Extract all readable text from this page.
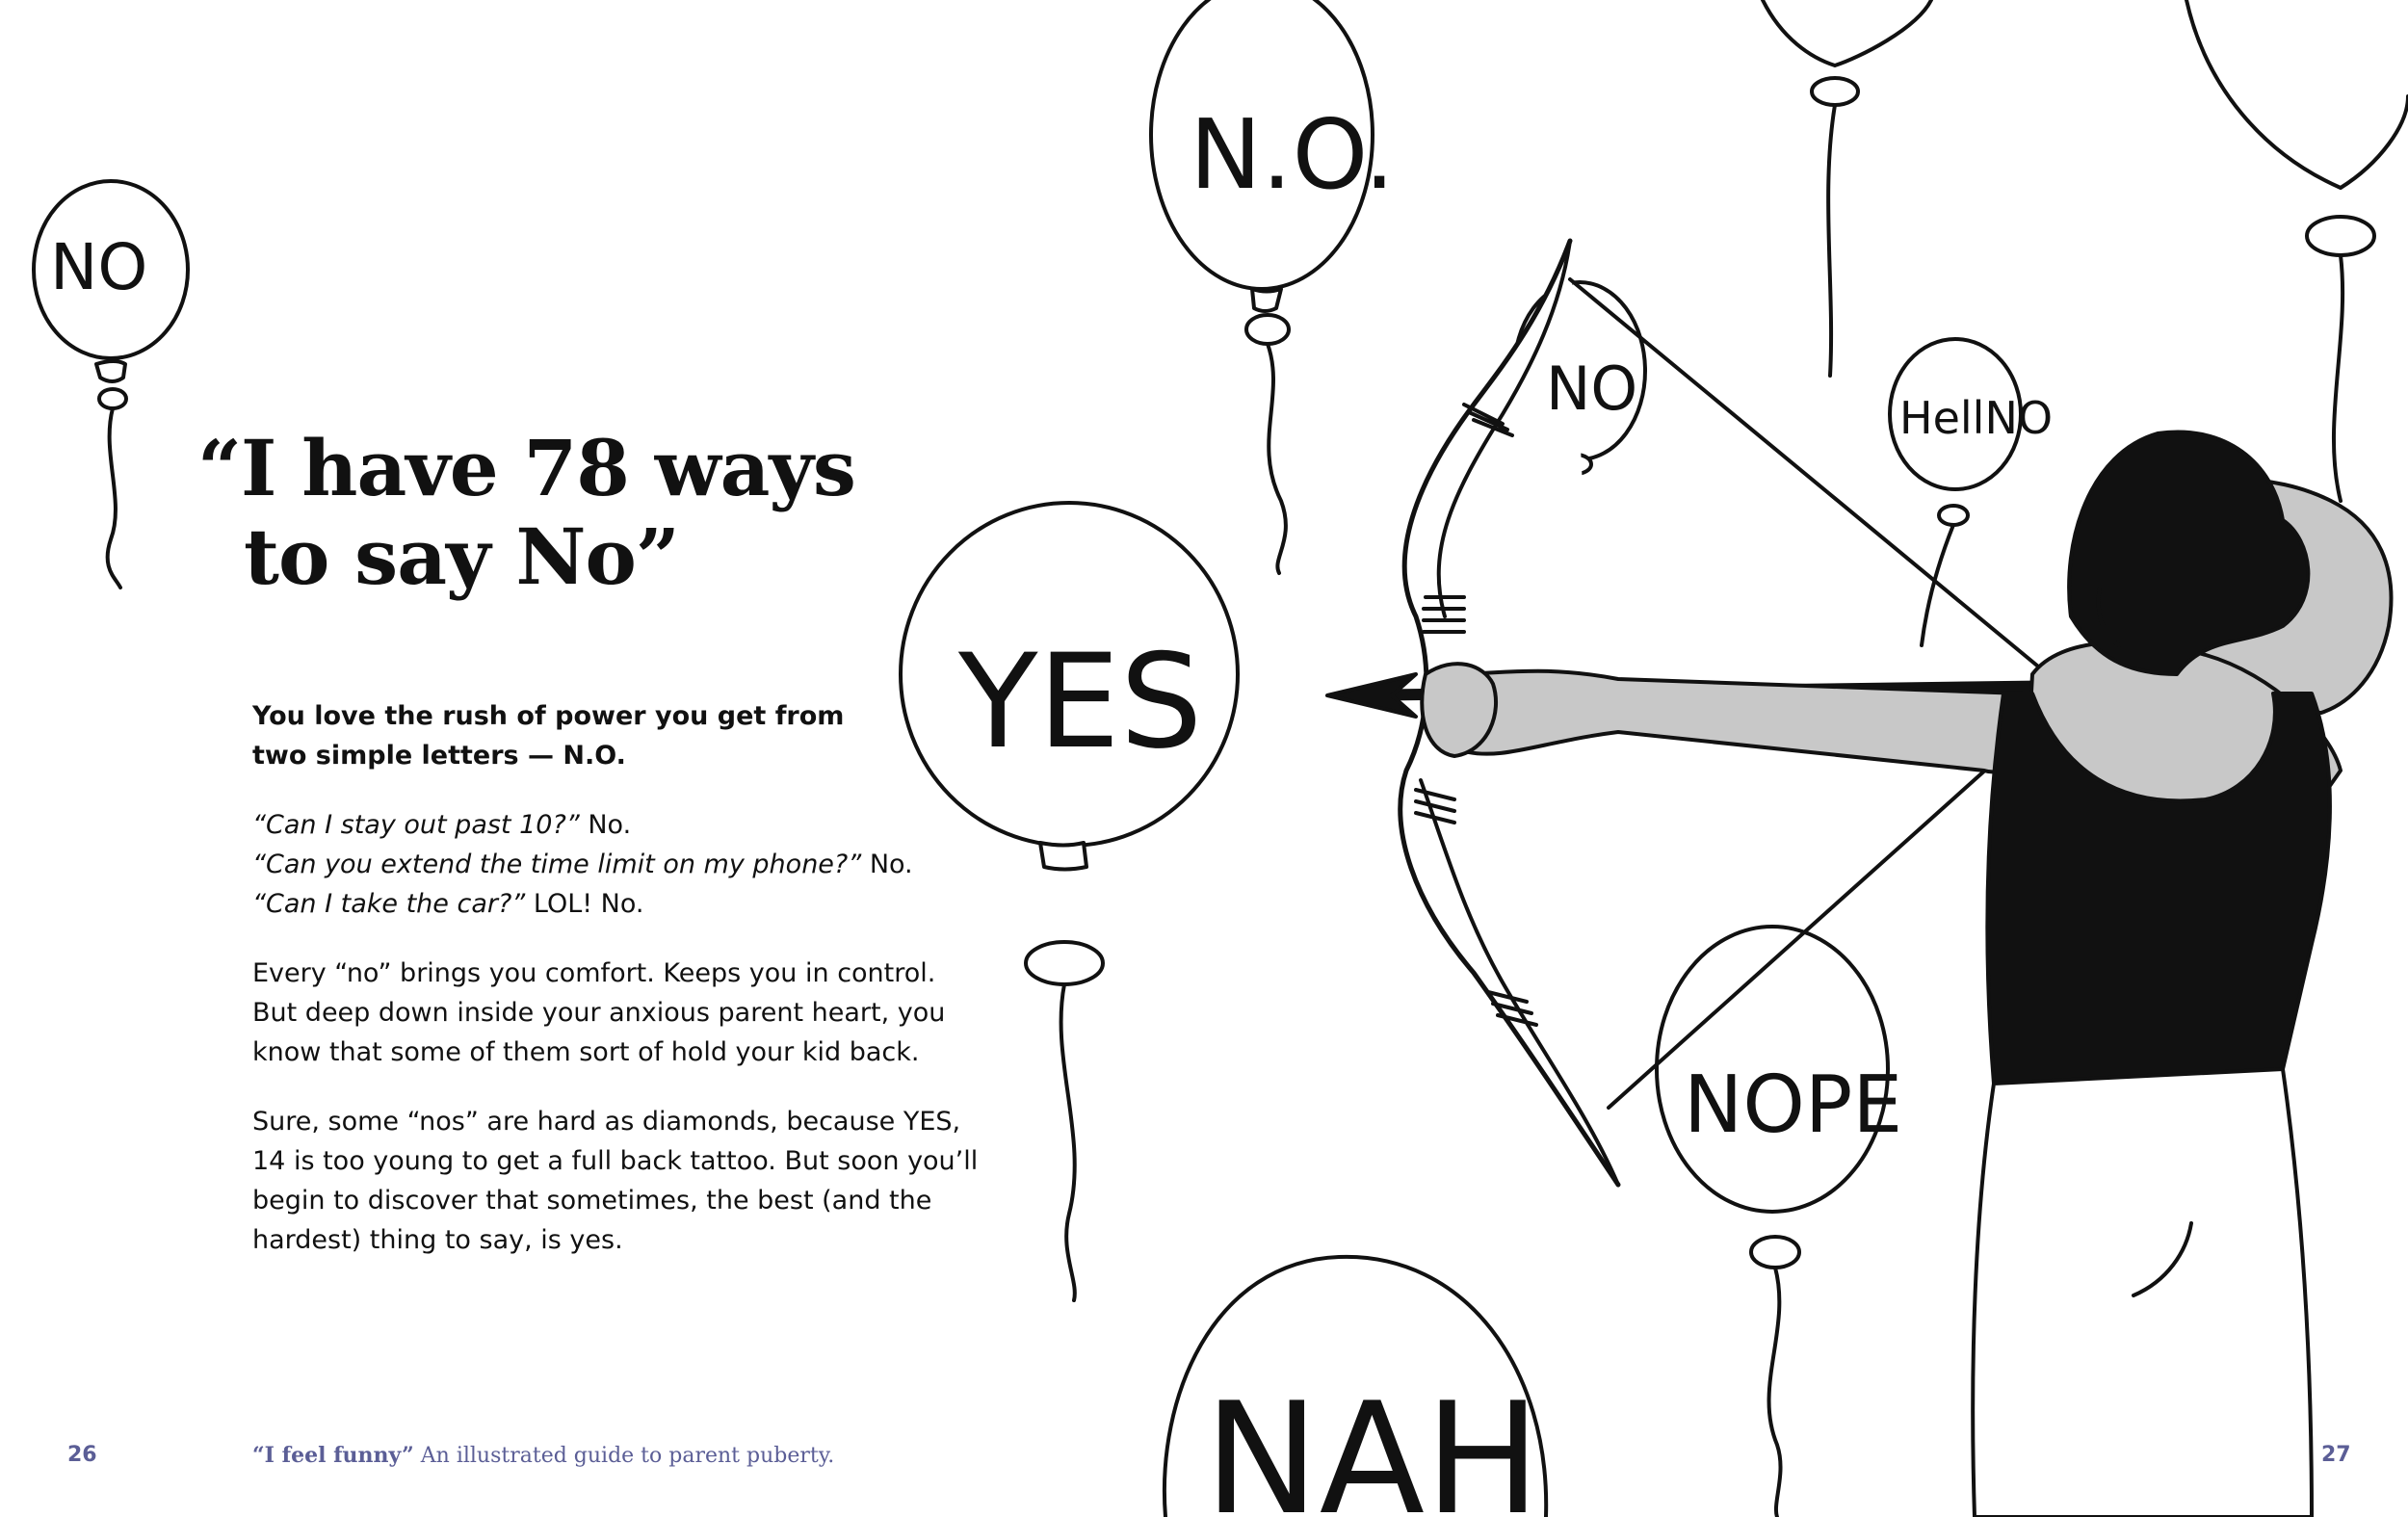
NO
N.O.
NO	HellNO
YES
NOPE
NAH
“I have 78 ways
to say No”

You love the rush of power you get from
two simple letters — N.O.

“Can I stay out past 10?” No.
“Can you extend the time limit on my phone?” No.
“Can I take the car?” LOL! No.

Every “no” brings you comfort. Keeps you in control.
But deep down inside your anxious parent heart, you
know that some of them sort of hold your kid back.

Sure, some “nos” are hard as diamonds, because YES,
14 is too young to get a full back tattoo. But soon you’ll
begin to discover that sometimes, the best (and the
hardest) thing to say, is yes.

26	“I feel funny” An illustrated guide to parent puberty.	27
